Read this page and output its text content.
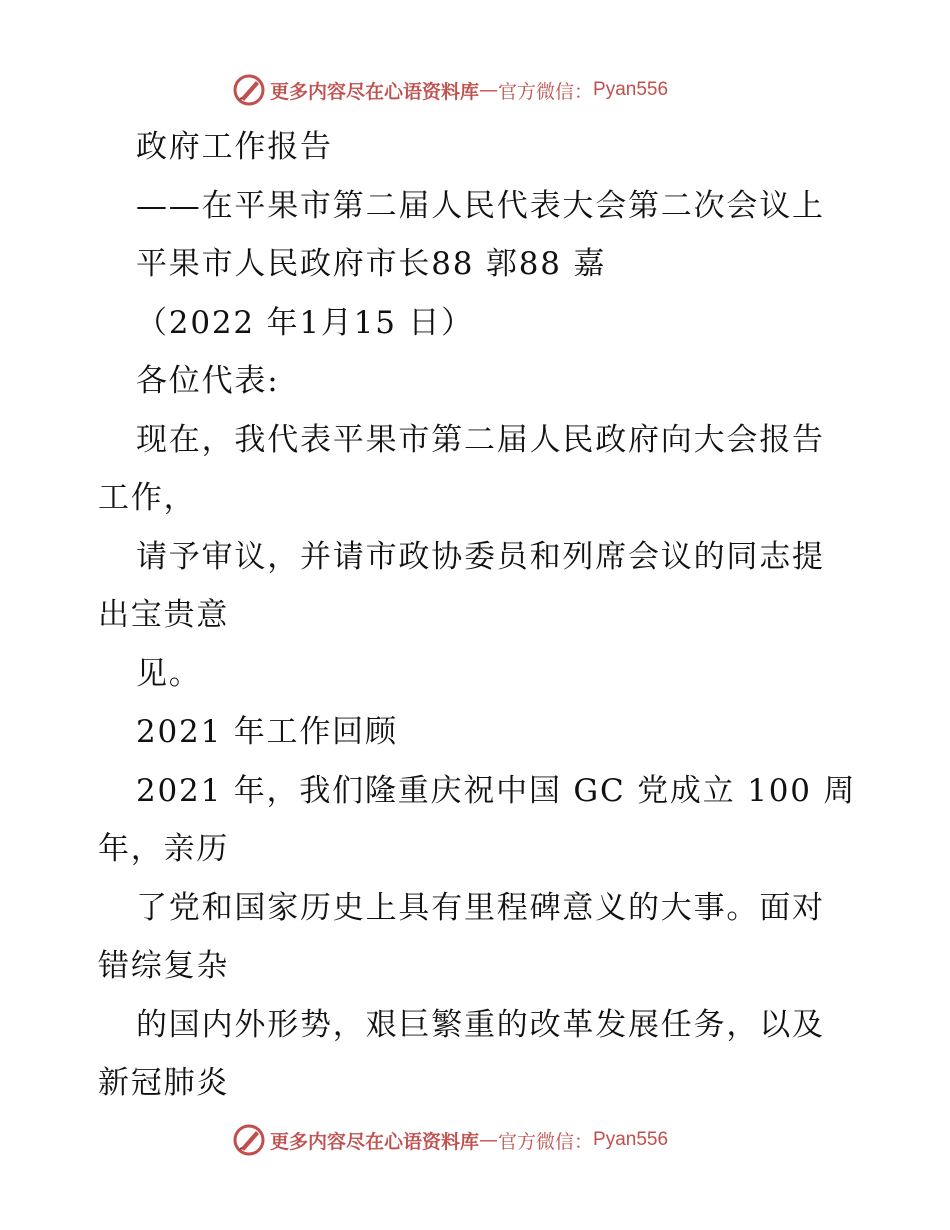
更多内容尽在心语资料库 — 官方微信： Pyan556
政府工作报告
——在平果市第二届人民代表大会第二次会议上
平果市人民政府市长88 郭88 嘉
（2022 年1月15 日）
各位代表:
现在，我代表平果市第二届人民政府向大会报告
工作，
请予审议，并请市政协委员和列席会议的同志提
出宝贵意
见。
2021 年工作回顾
2021 年，我们隆重庆祝中国 GC 党成立 100 周
年，亲历
了党和国家历史上具有里程碑意义的大事。面对
错综复杂
的国内外形势，艰巨繁重的改革发展任务，以及
新冠肺炎
更多内容尽在心语资料库 — 官方微信： Pyan556
